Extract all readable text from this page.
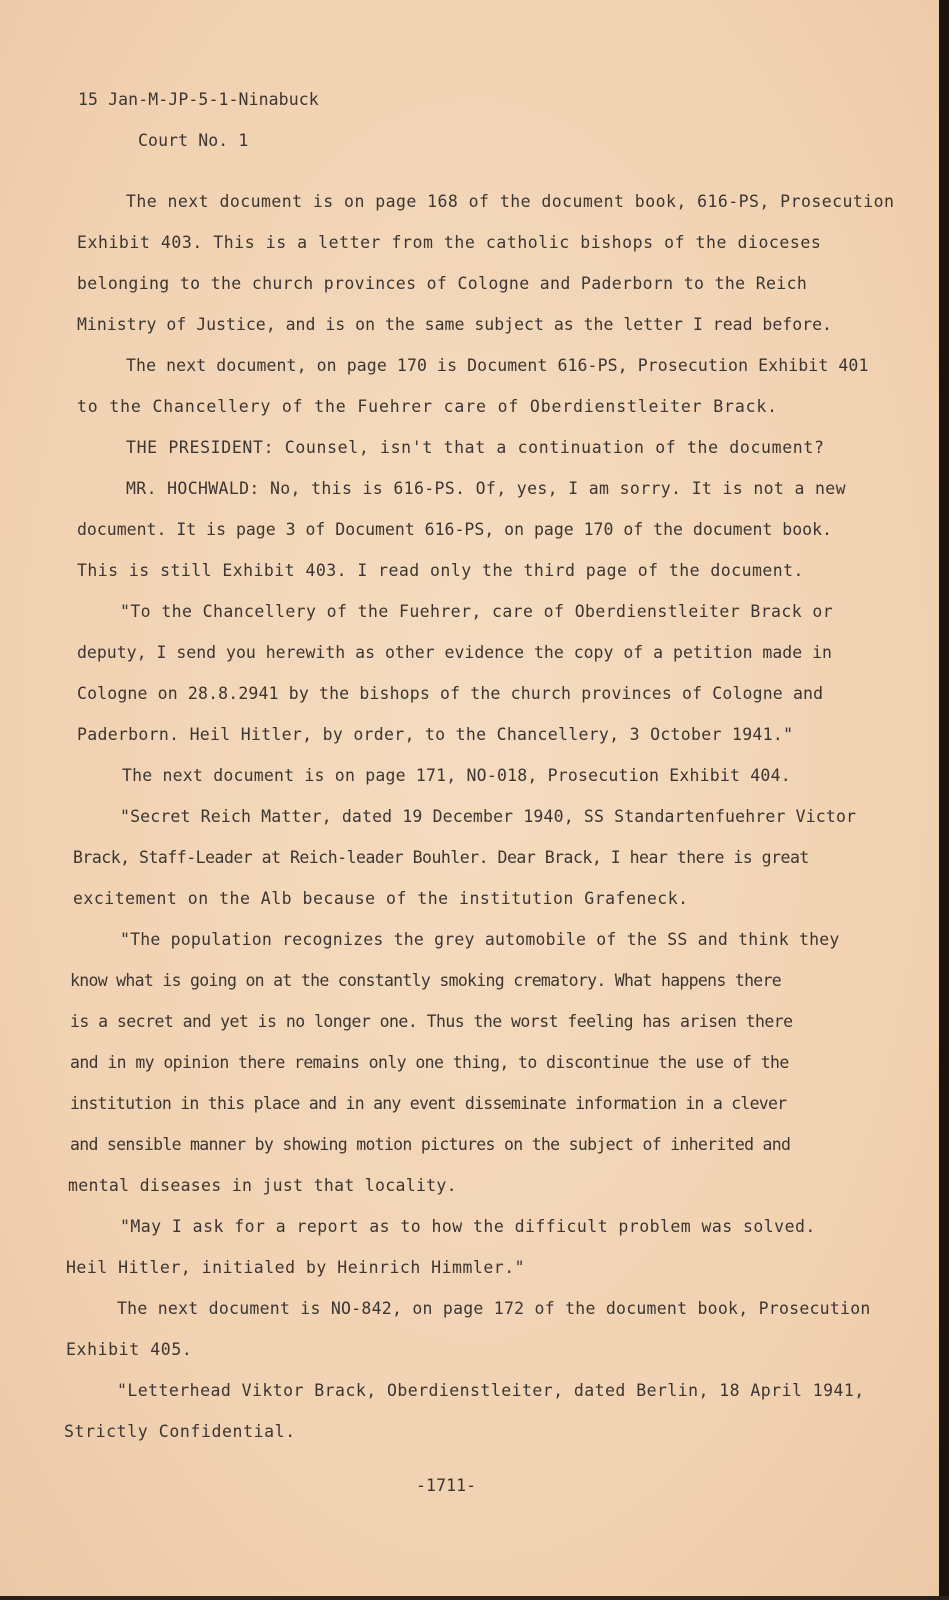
15 Jan-M-JP-5-1-Ninabuck

Court No. 1

The next document is on page 168 of the document book, 616-PS, Prosecution

Exhibit 403. This is a letter from the catholic bishops of the dioceses

belonging to the church provinces of Cologne and Paderborn to the Reich

Ministry of Justice, and is on the same subject as the letter I read before.

The next document, on page 170 is Document 616-PS, Prosecution Exhibit 401

to the Chancellery of the Fuehrer care of Oberdienstleiter Brack.

THE PRESIDENT: Counsel, isn't that a continuation of the document?

MR. HOCHWALD: No, this is 616-PS. Of, yes, I am sorry. It is not a new

document. It is page 3 of Document 616-PS, on page 170 of the document book.

This is still Exhibit 403. I read only the third page of the document.

"To the Chancellery of the Fuehrer, care of Oberdienstleiter Brack or

deputy, I send you herewith as other evidence the copy of a petition made in

Cologne on 28.8.2941 by the bishops of the church provinces of Cologne and

Paderborn. Heil Hitler, by order, to the Chancellery, 3 October 1941."

The next document is on page 171, NO-018, Prosecution Exhibit 404.

"Secret Reich Matter, dated 19 December 1940, SS Standartenfuehrer Victor

Brack, Staff-Leader at Reich-leader Bouhler. Dear Brack, I hear there is great

excitement on the Alb because of the institution Grafeneck.

"The population recognizes the grey automobile of the SS and think they

know what is going on at the constantly smoking crematory. What happens there

is a secret and yet is no longer one. Thus the worst feeling has arisen there

and in my opinion there remains only one thing, to discontinue the use of the

institution in this place and in any event disseminate information in a clever

and sensible manner by showing motion pictures on the subject of inherited and

mental diseases in just that locality.

"May I ask for a report as to how the difficult problem was solved.

Heil Hitler, initialed by Heinrich Himmler."

The next document is NO-842, on page 172 of the document book, Prosecution

Exhibit 405.

"Letterhead Viktor Brack, Oberdienstleiter, dated Berlin, 18 April 1941,

Strictly Confidential.

-1711-
